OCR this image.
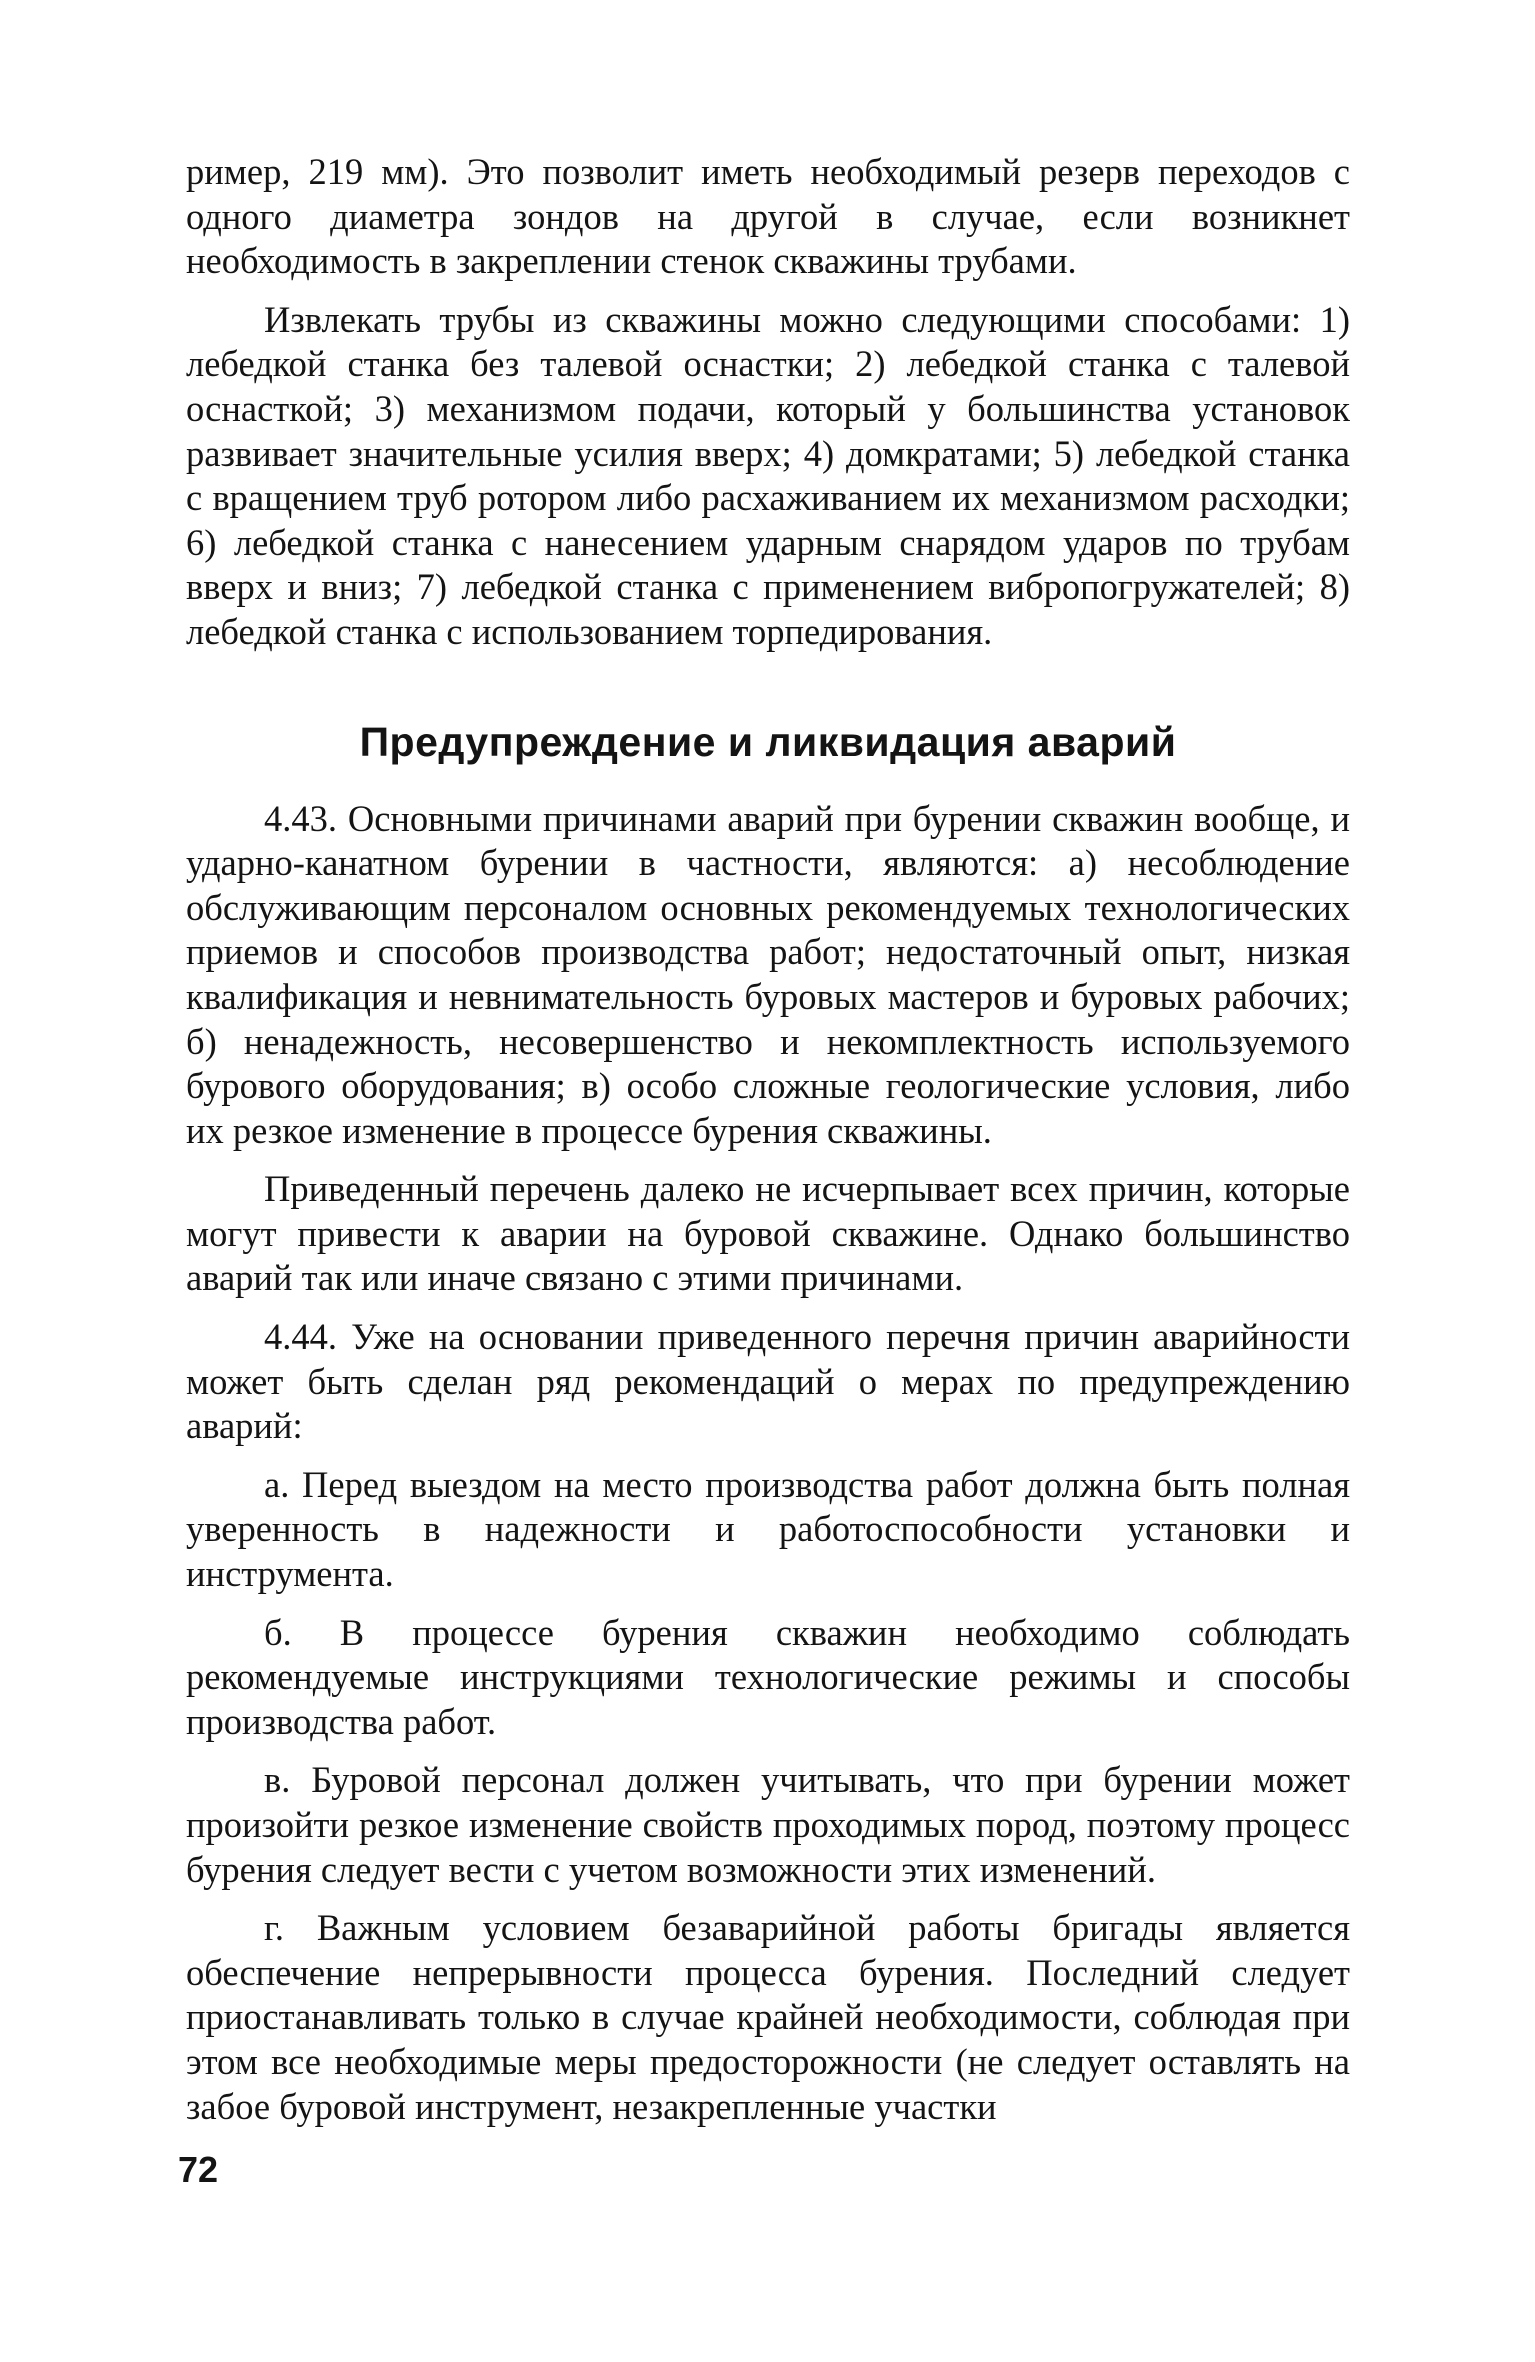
ример, 219 мм). Это позволит иметь необходимый резерв переходов с одного диаметра зондов на другой в случае, если возникнет необходимость в закреплении стенок скважины трубами.

Извлекать трубы из скважины можно следующими способами: 1) лебедкой станка без талевой оснастки; 2) лебедкой станка с талевой оснасткой; 3) механизмом подачи, который у большинства установок развивает значительные усилия вверх; 4) домкратами; 5) лебедкой станка с вращением труб ротором либо расхаживанием их механизмом расходки; 6) лебедкой станка с нанесением ударным снарядом ударов по трубам вверх и вниз; 7) лебедкой станка с применением вибропогружателей; 8) лебедкой станка с использованием торпедирования.

Предупреждение и ликвидация аварий

4.43. Основными причинами аварий при бурении скважин вообще, и ударно-канатном бурении в частности, являются: а) несоблюдение обслуживающим персоналом основных рекомендуемых технологических приемов и способов производства работ; недостаточный опыт, низкая квалификация и невнимательность буровых мастеров и буровых рабочих; б) ненадежность, несовершенство и некомплектность используемого бурового оборудования; в) особо сложные геологические условия, либо их резкое изменение в процессе бурения скважины.

Приведенный перечень далеко не исчерпывает всех причин, которые могут привести к аварии на буровой скважине. Однако большинство аварий так или иначе связано с этими причинами.

4.44. Уже на основании приведенного перечня причин аварийности может быть сделан ряд рекомендаций о мерах по предупреждению аварий:

а. Перед выездом на место производства работ должна быть полная уверенность в надежности и работоспособности установки и инструмента.

б. В процессе бурения скважин необходимо соблюдать рекомендуемые инструкциями технологические режимы и способы производства работ.

в. Буровой персонал должен учитывать, что при бурении может произойти резкое изменение свойств проходимых пород, поэтому процесс бурения следует вести с учетом возможности этих изменений.

г. Важным условием безаварийной работы бригады является обеспечение непрерывности процесса бурения. Последний следует приостанавливать только в случае крайней необходимости, соблюдая при этом все необходимые меры предосторожности (не следует оставлять на забое буровой инструмент, незакрепленные участки

72
